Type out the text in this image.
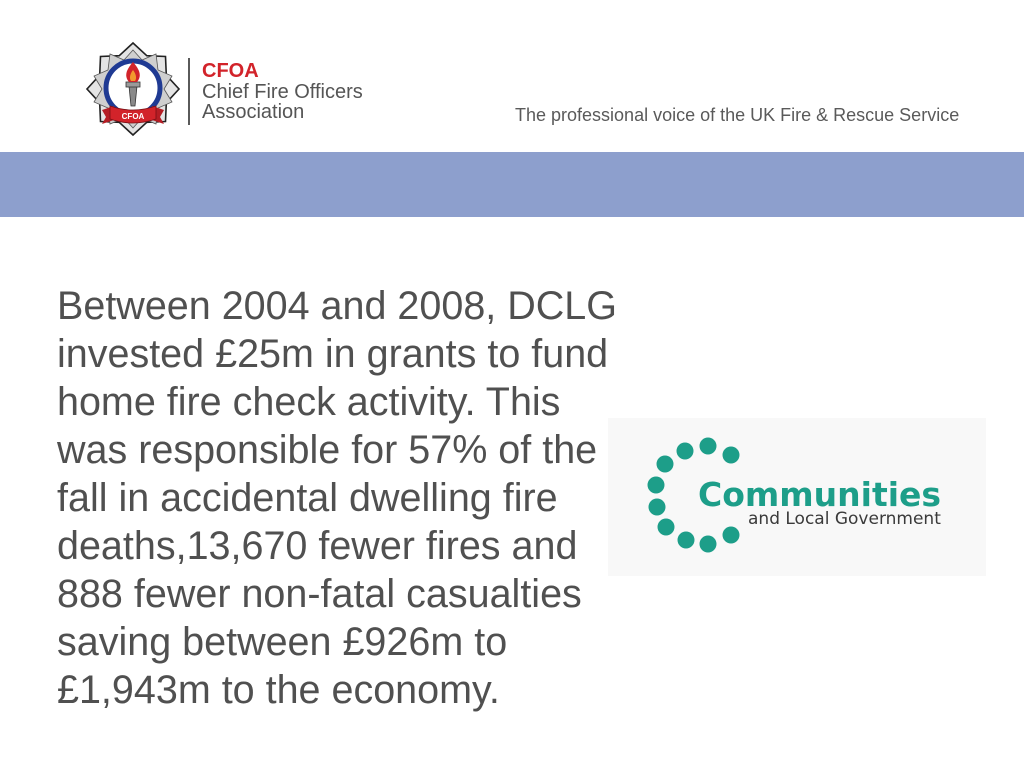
CFOA
CFOA
Chief Fire Officers
Association	The professional voice of the UK Fire & Rescue Service
Between 2004 and 2008, DCLG invested £25m in grants to fund home fire check activity. This was responsible for 57% of the fall in accidental dwelling fire deaths,13,670 fewer fires and 888 fewer non-fatal casualties saving between £926m to £1,943m to the economy.
Communities
and Local Government
